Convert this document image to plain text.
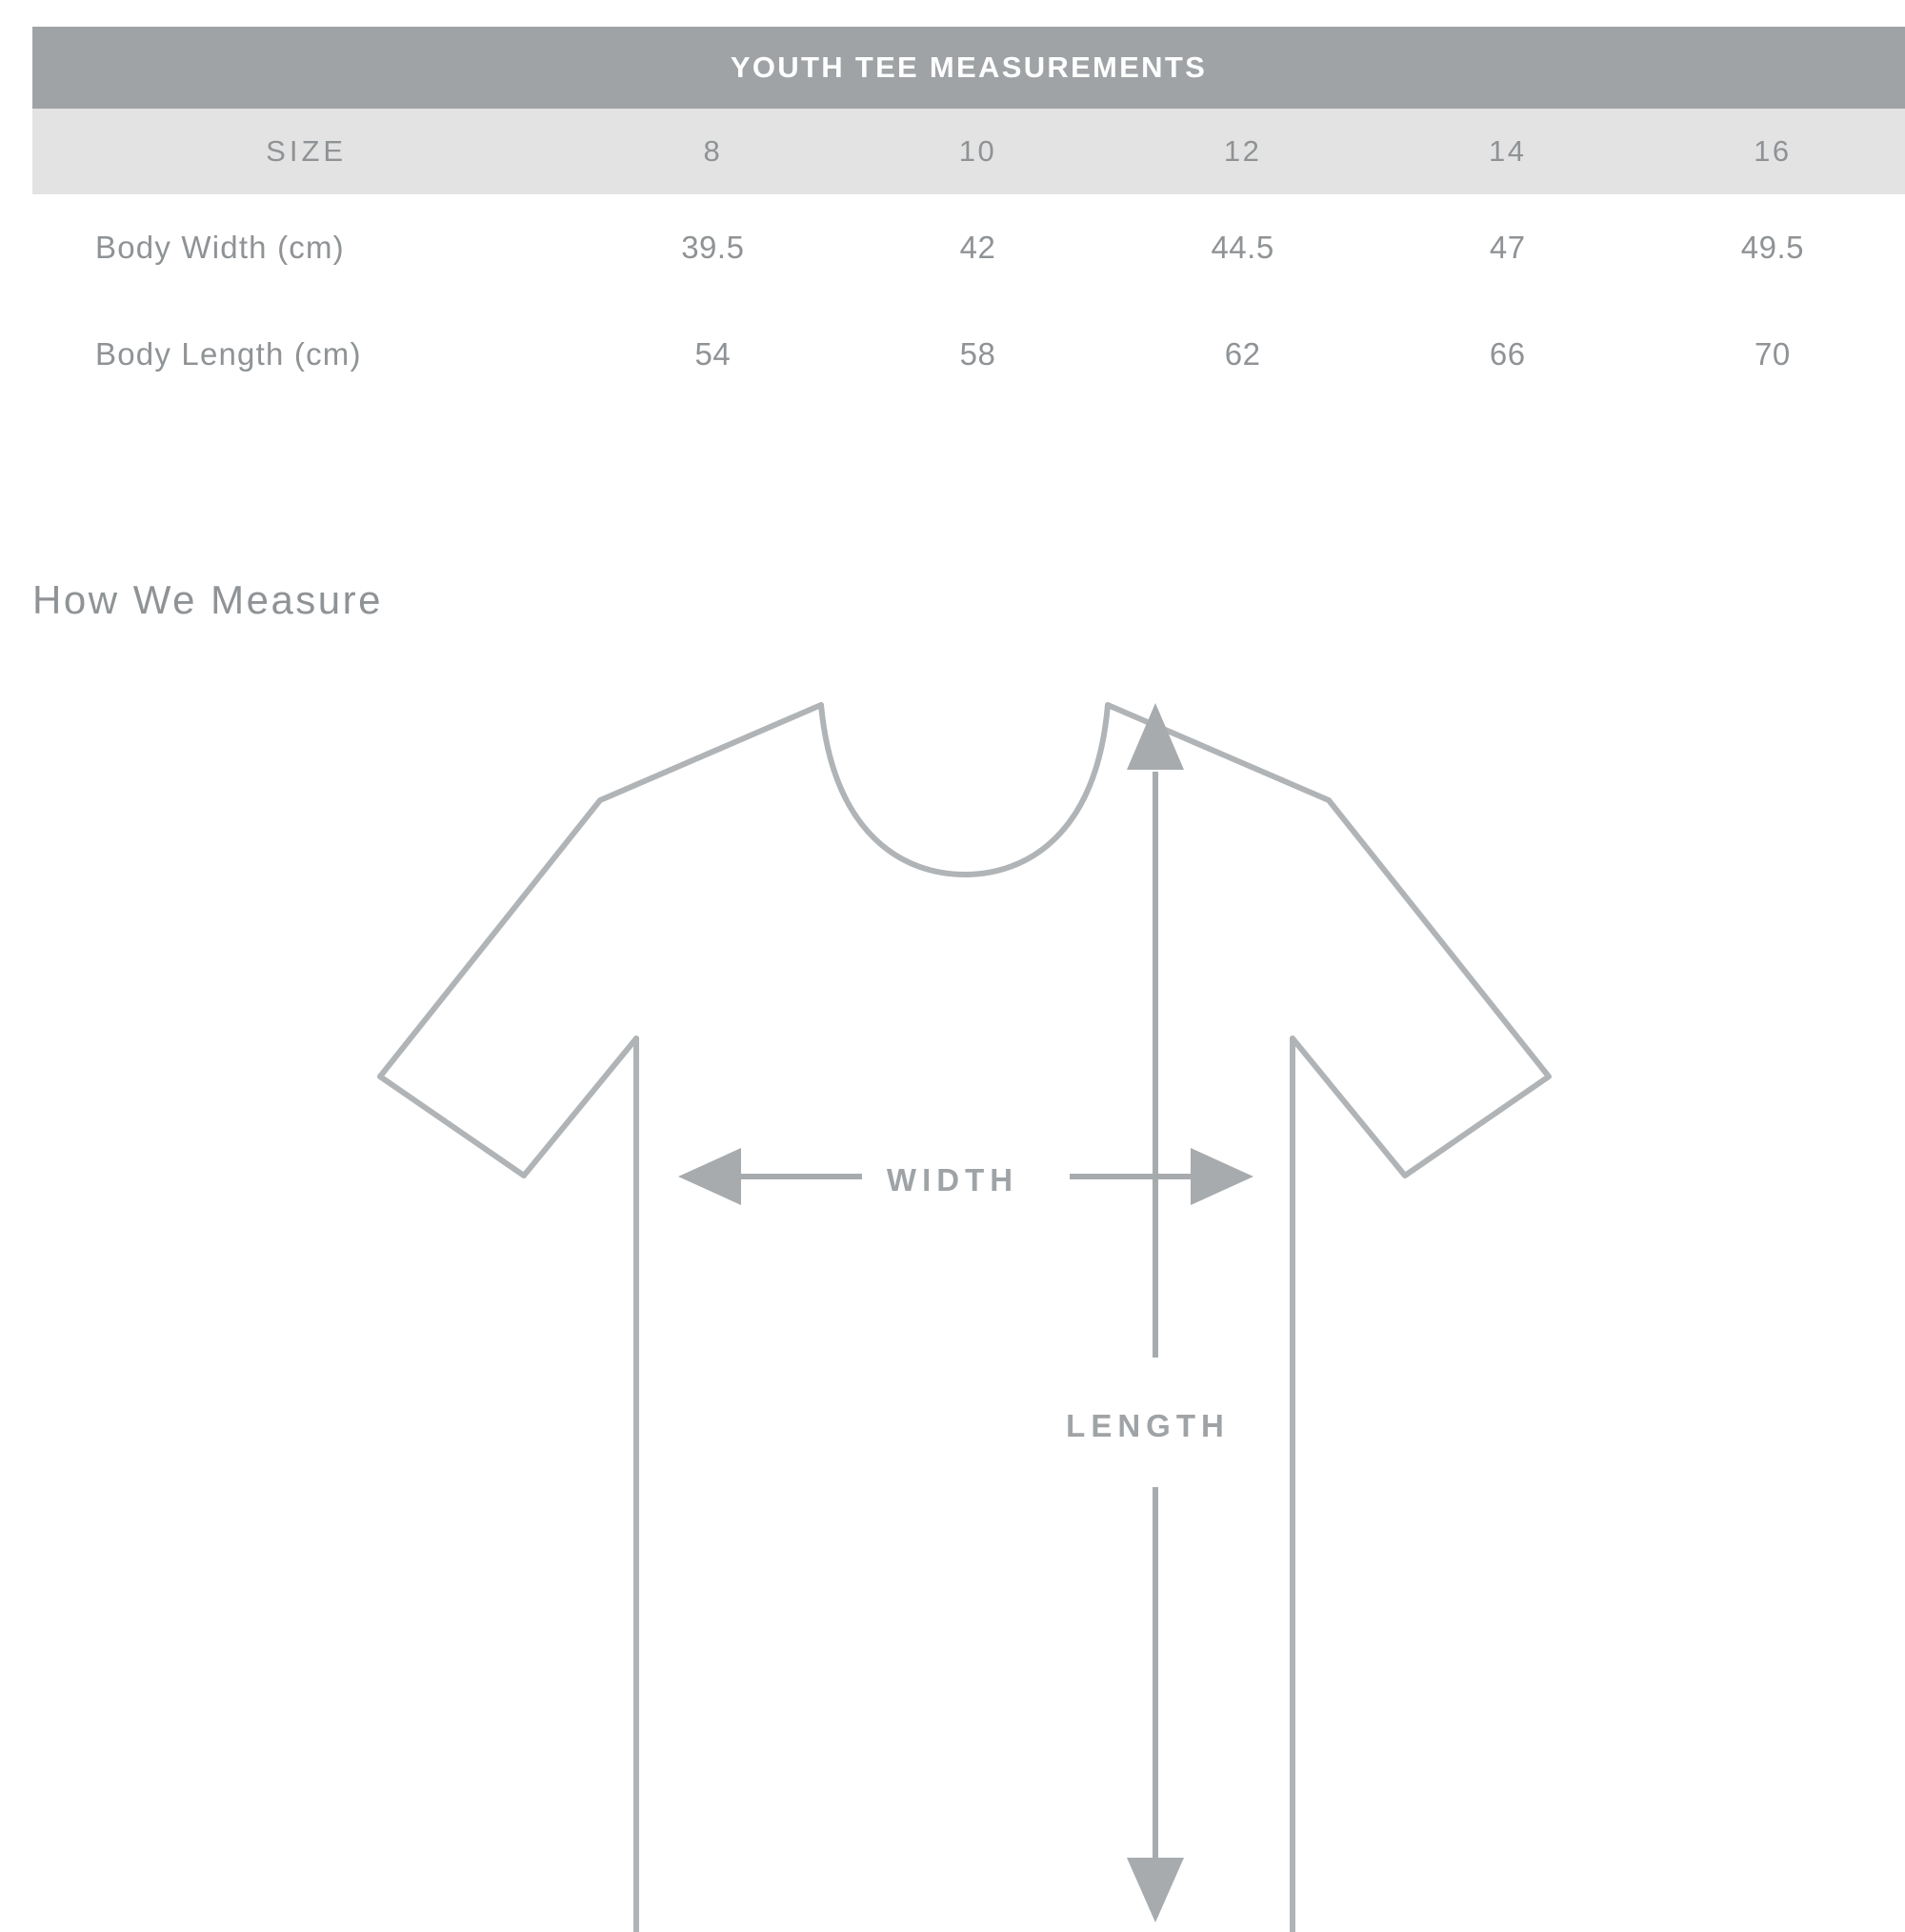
YOUTH TEE MEASUREMENTS					
SIZE	8	10	12	14	16
Body Width (cm)	39.5	42	44.5	47	49.5
Body Length (cm)	54	58	62	66	70
How We Measure
WIDTH
LENGTH
